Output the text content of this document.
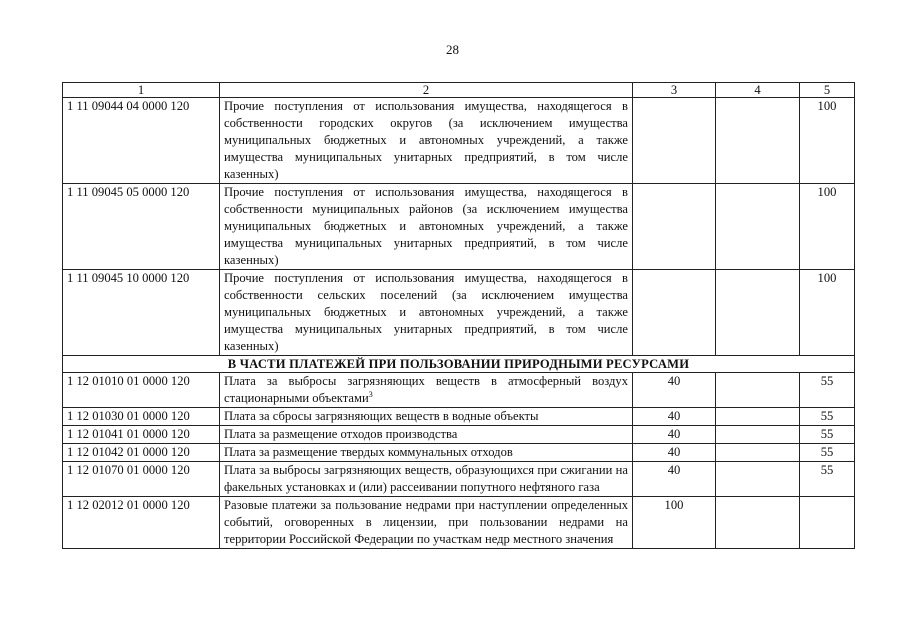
28
1	2	3	4	5
1 11 09044 04 0000 120	Прочие поступления от использования имущества, находящегося в собственности городских округов (за исключением имущества муниципальных бюджетных и автономных учреждений, а также имущества муниципальных унитарных предприятий, в том числе казенных)			100
1 11 09045 05 0000 120	Прочие поступления от использования имущества, находящегося в собственности муниципальных районов (за исключением имущества муниципальных бюджетных и автономных учреждений, а также имущества муниципальных унитарных предприятий, в том числе казенных)			100
1 11 09045 10 0000 120	Прочие поступления от использования имущества, находящегося в собственности сельских поселений (за исключением имущества муниципальных бюджетных и автономных учреждений, а также имущества муниципальных унитарных предприятий, в том числе казенных)			100
В ЧАСТИ ПЛАТЕЖЕЙ ПРИ ПОЛЬЗОВАНИИ ПРИРОДНЫМИ РЕСУРСАМИ				
1 12 01010 01 0000 120	Плата за выбросы загрязняющих веществ в атмосферный воздух стационарными объектами$^3$	40		55
1 12 01030 01 0000 120	Плата за сбросы загрязняющих веществ в водные объекты	40		55
1 12 01041 01 0000 120	Плата за размещение отходов производства	40		55
1 12 01042 01 0000 120	Плата за размещение твердых коммунальных отходов	40		55
1 12 01070 01 0000 120	Плата за выбросы загрязняющих веществ, образующихся при сжигании на факельных установках и (или) рассеивании попутного нефтяного газа	40		55
1 12 02012 01 0000 120	Разовые платежи за пользование недрами при наступлении определенных событий, оговоренных в лицензии, при пользовании недрами на территории Российской Федерации по участкам недр местного значения	100		
